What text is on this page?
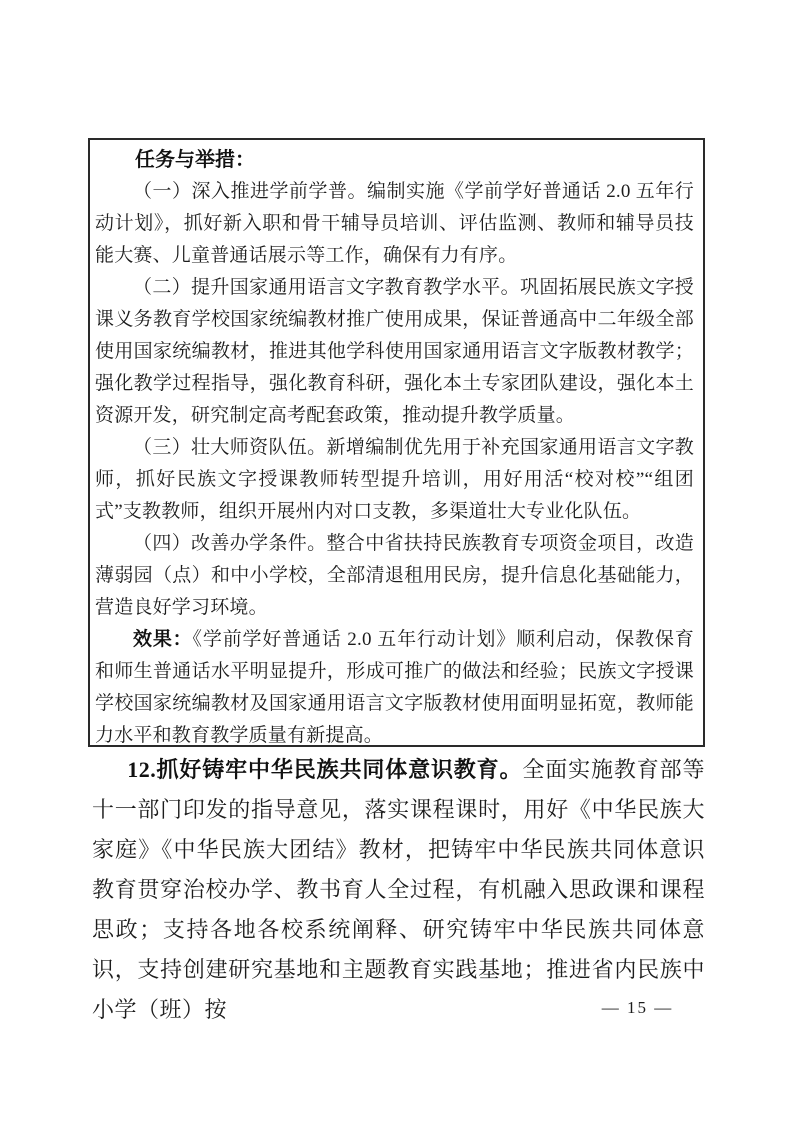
任务与举措：

（一）深入推进学前学普。编制实施《学前学好普通话 2.0 五年行动计划》，抓好新入职和骨干辅导员培训、评估监测、教师和辅导员技能大赛、儿童普通话展示等工作，确保有力有序。

（二）提升国家通用语言文字教育教学水平。巩固拓展民族文字授课义务教育学校国家统编教材推广使用成果，保证普通高中二年级全部使用国家统编教材，推进其他学科使用国家通用语言文字版教材教学；强化教学过程指导，强化教育科研，强化本土专家团队建设，强化本土资源开发，研究制定高考配套政策，推动提升教学质量。

（三）壮大师资队伍。新增编制优先用于补充国家通用语言文字教师，抓好民族文字授课教师转型提升培训，用好用活“校对校”“组团式”支教教师，组织开展州内对口支教，多渠道壮大专业化队伍。

（四）改善办学条件。整合中省扶持民族教育专项资金项目，改造薄弱园（点）和中小学校，全部清退租用民房，提升信息化基础能力，营造良好学习环境。

效果：《学前学好普通话 2.0 五年行动计划》顺利启动，保教保育和师生普通话水平明显提升，形成可推广的做法和经验；民族文字授课学校国家统编教材及国家通用语言文字版教材使用面明显拓宽，教师能力水平和教育教学质量有新提高。

12.抓好铸牢中华民族共同体意识教育。全面实施教育部等十一部门印发的指导意见，落实课程课时，用好《中华民族大家庭》《中华民族大团结》教材，把铸牢中华民族共同体意识教育贯穿治校办学、教书育人全过程，有机融入思政课和课程思政；支持各地各校系统阐释、研究铸牢中华民族共同体意识，支持创建研究基地和主题教育实践基地；推进省内民族中小学（班）按	— 15 —
